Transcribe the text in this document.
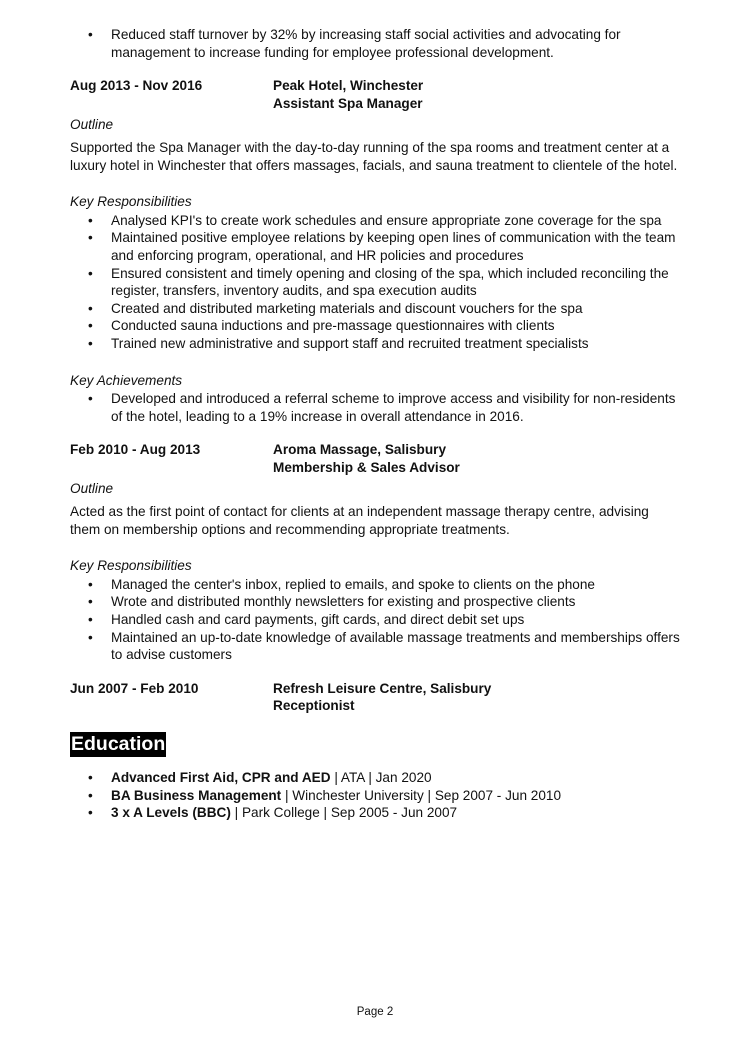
• Reduced staff turnover by 32% by increasing staff social activities and advocating for management to increase funding for employee professional development.
Aug 2013 - Nov 2016	Peak Hotel, Winchester
Assistant Spa Manager
Outline
Supported the Spa Manager with the day-to-day running of the spa rooms and treatment center at a luxury hotel in Winchester that offers massages, facials, and sauna treatment to clientele of the hotel.
Key Responsibilities
• Analysed KPI's to create work schedules and ensure appropriate zone coverage for the spa
• Maintained positive employee relations by keeping open lines of communication with the team and enforcing program, operational, and HR policies and procedures
• Ensured consistent and timely opening and closing of the spa, which included reconciling the register, transfers, inventory audits, and spa execution audits
• Created and distributed marketing materials and discount vouchers for the spa
• Conducted sauna inductions and pre-massage questionnaires with clients
• Trained new administrative and support staff and recruited treatment specialists
Key Achievements
• Developed and introduced a referral scheme to improve access and visibility for non-residents of the hotel, leading to a 19% increase in overall attendance in 2016.
Feb 2010 - Aug 2013	Aroma Massage, Salisbury
Membership & Sales Advisor
Outline
Acted as the first point of contact for clients at an independent massage therapy centre, advising them on membership options and recommending appropriate treatments.
Key Responsibilities
• Managed the center's inbox, replied to emails, and spoke to clients on the phone
• Wrote and distributed monthly newsletters for existing and prospective clients
• Handled cash and card payments, gift cards, and direct debit set ups
• Maintained an up-to-date knowledge of available massage treatments and memberships offers to advise customers
Jun 2007 - Feb 2010	Refresh Leisure Centre, Salisbury
Receptionist
Education
• Advanced First Aid, CPR and AED | ATA | Jan 2020
• BA Business Management | Winchester University | Sep 2007 - Jun 2010
• 3 x A Levels (BBC) | Park College | Sep 2005 - Jun 2007
Page 2
